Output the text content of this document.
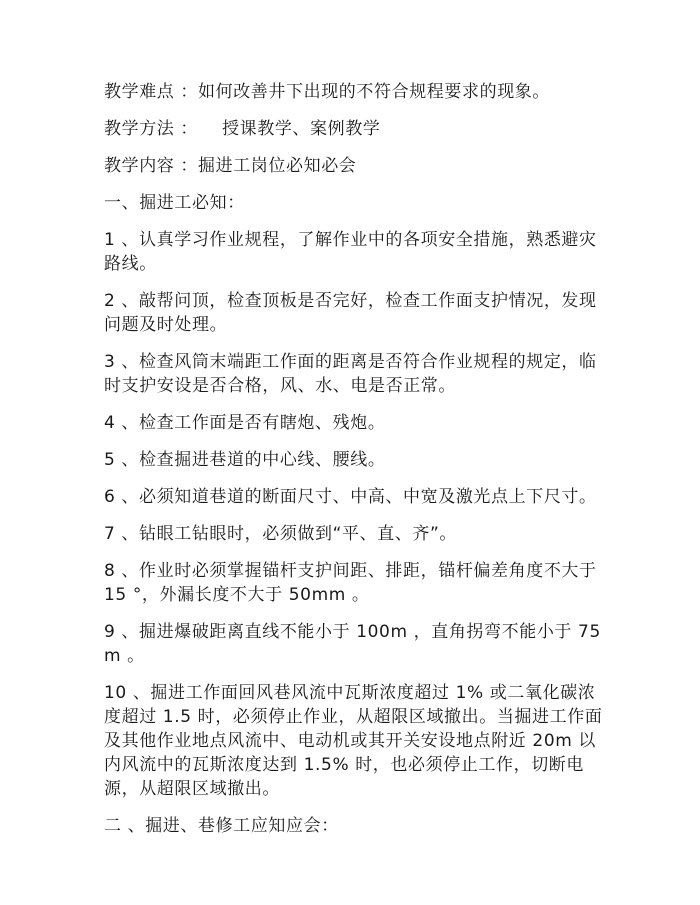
教学难点 ：如何改善井下出现的不符合规程要求的现象。

教学方法 ：    授课教学、案例教学

教学内容 ：掘进工岗位必知必会

一、掘进工必知：

1 、认真学习作业规程，了解作业中的各项安全措施，熟悉避灾路线。

2 、敲帮问顶，检查顶板是否完好，检查工作面支护情况，发现问题及时处理。

3 、检查风筒末端距工作面的距离是否符合作业规程的规定，临时支护安设是否合格，风、水、电是否正常。

4 、检查工作面是否有瞎炮、残炮。

5 、检查掘进巷道的中心线、腰线。

6 、必须知道巷道的断面尺寸、中高、中宽及激光点上下尺寸。

7 、钻眼工钻眼时，必须做到“平、直、齐”。

8 、作业时必须掌握锚杆支护间距、排距，锚杆偏差角度不大于 15 °，外漏长度不大于 50mm 。

9 、掘进爆破距离直线不能小于 100m ，直角拐弯不能小于 75m 。

10 、掘进工作面回风巷风流中瓦斯浓度超过 1% 或二氧化碳浓度超过 1.5 时，必须停止作业，从超限区域撤出。当掘进工作面及其他作业地点风流中、电动机或其开关安设地点附近 20m 以内风流中的瓦斯浓度达到 1.5% 时，也必须停止工作，切断电源，从超限区域撤出。

二 、掘进、巷修工应知应会：
